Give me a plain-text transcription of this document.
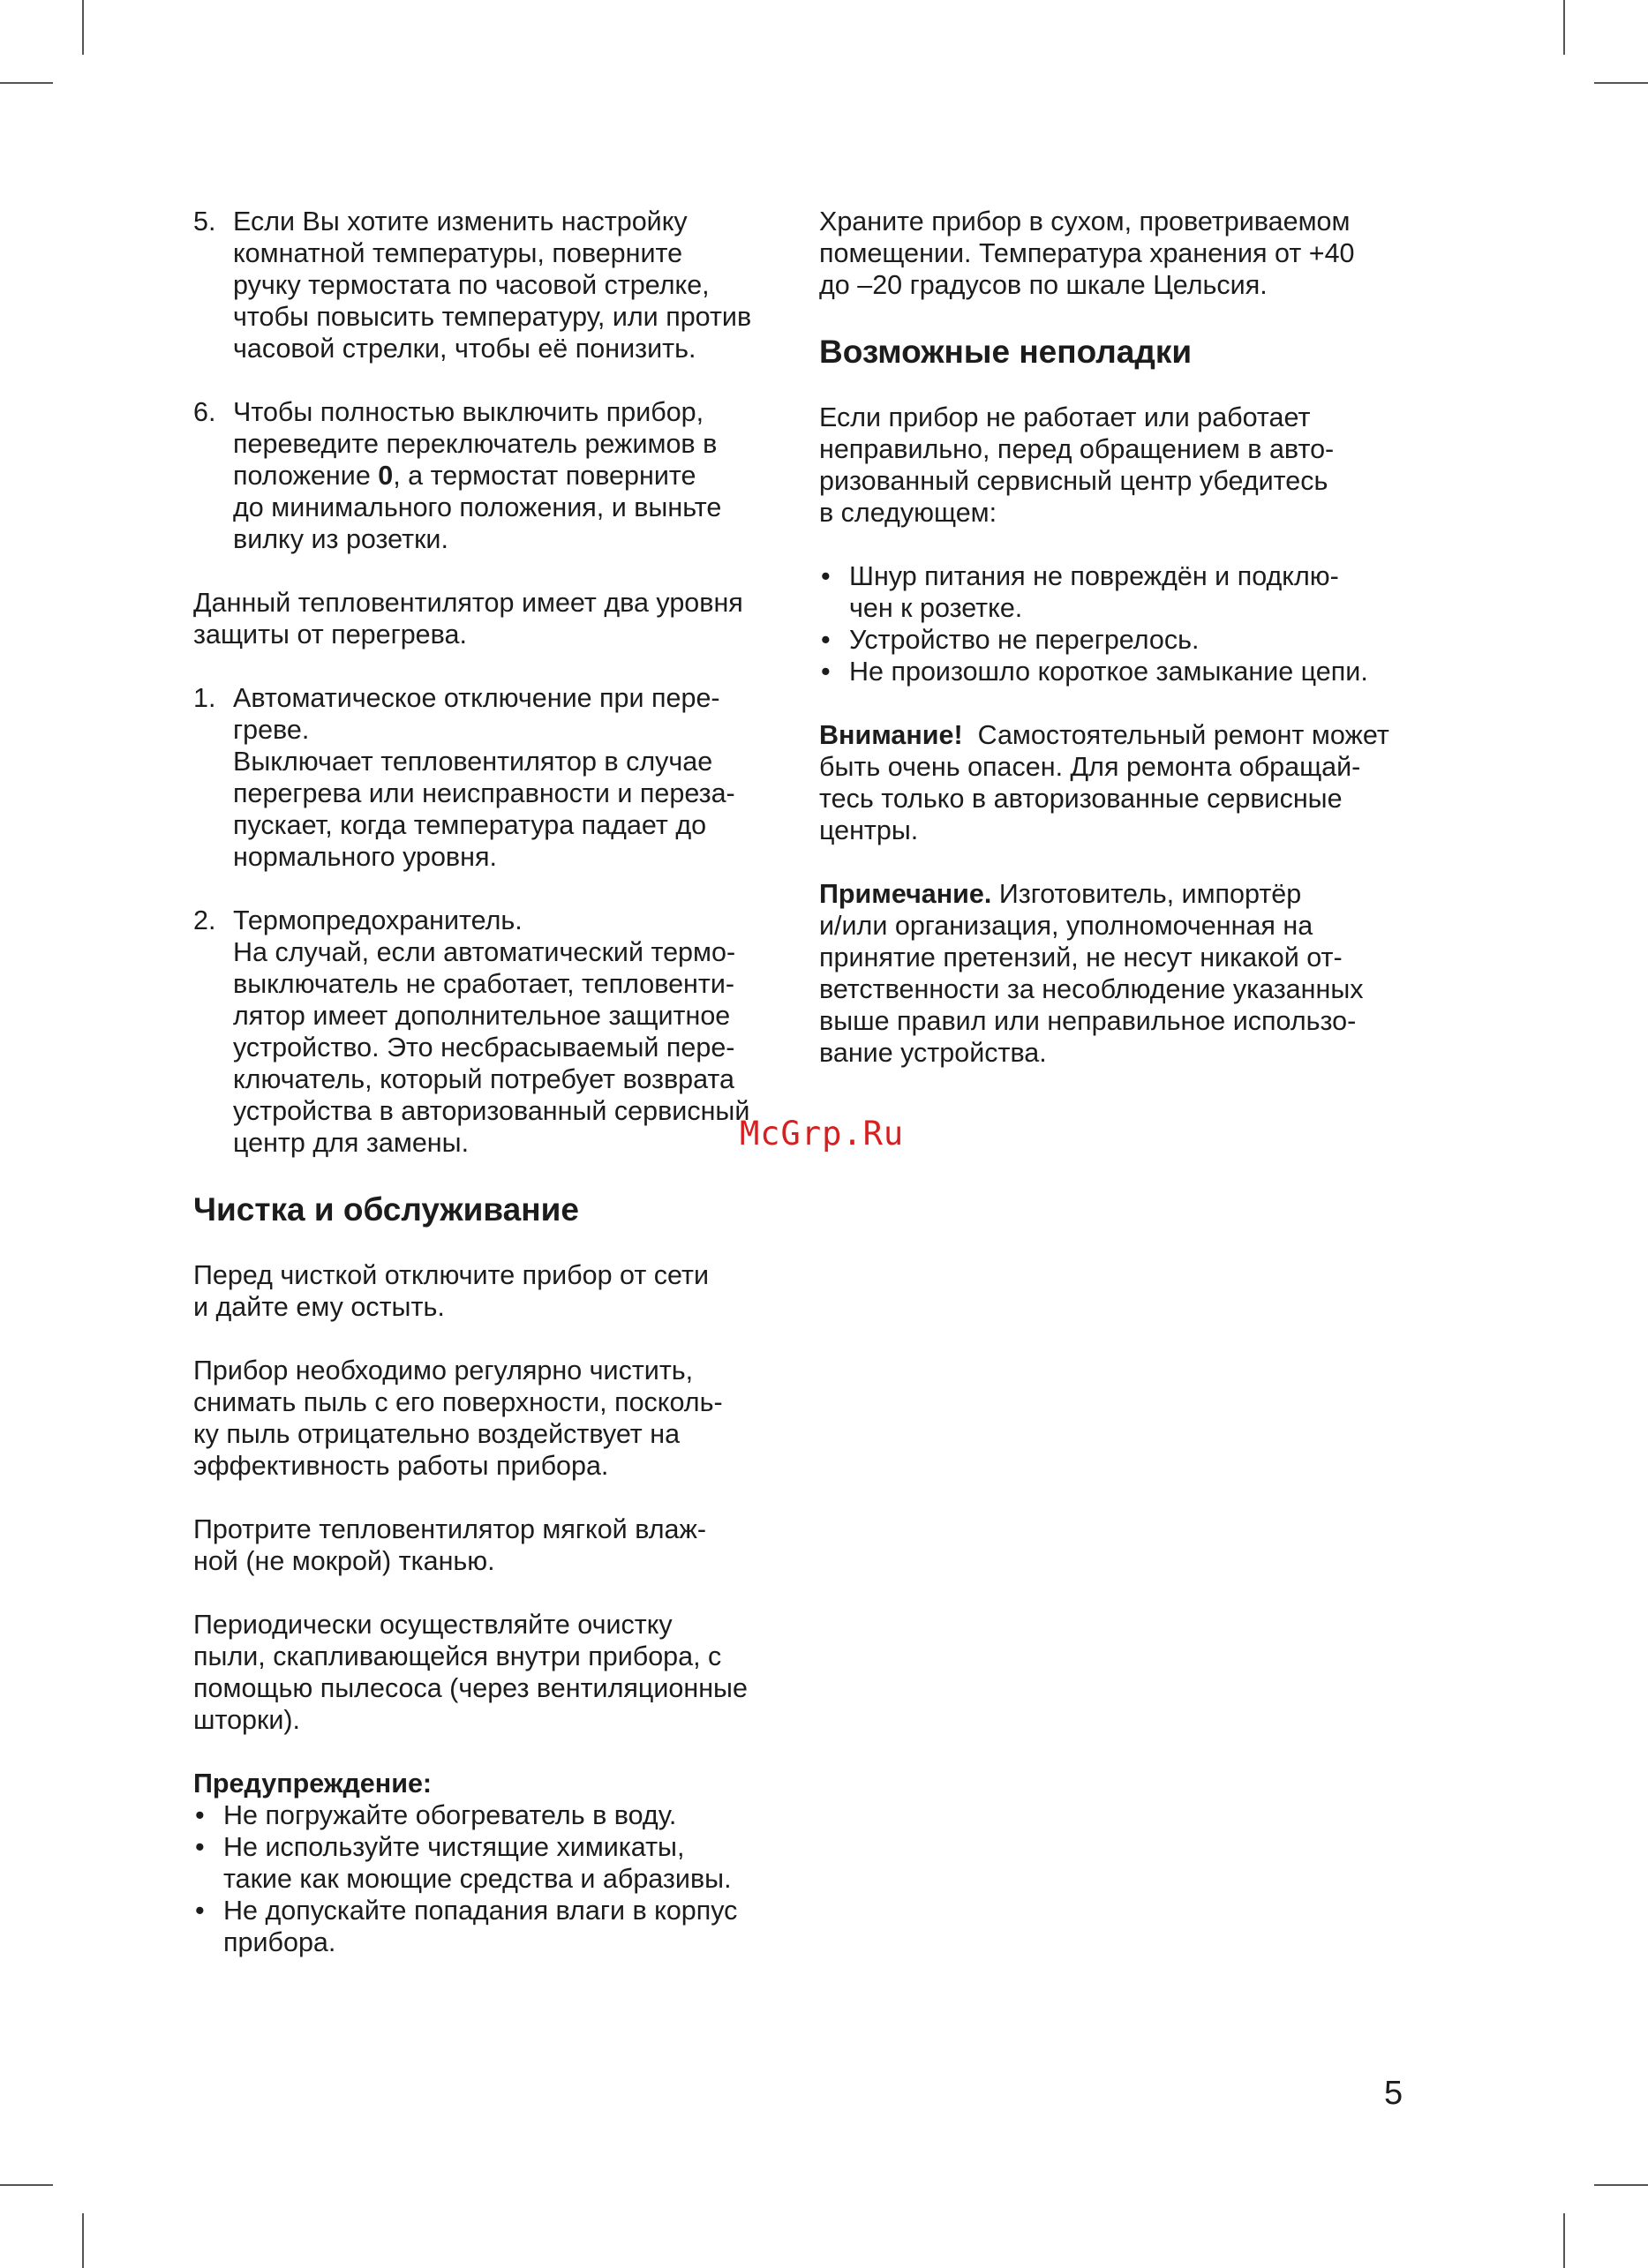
5. Если Вы хотите изменить настройку
комнатной температуры, поверните
ручку термостата по часовой стрелке,
чтобы повысить температуру, или против
часовой стрелки, чтобы её понизить.
6. Чтобы полностью выключить прибор,
переведите переключатель режимов в
положение 0, а термостат поверните
до минимального положения, и выньте
вилку из розетки.

Данный тепловентилятор имеет два уровня
защиты от перегрева.

1. Автоматическое отключение при пере-
греве.
Выключает тепловентилятор в случае
перегрева или неисправности и переза-
пускает, когда температура падает до
нормального уровня.
2. Термопредохранитель.
На случай, если автоматический термо-
выключатель не сработает, тепловенти-
лятор имеет дополнительное защитное
устройство. Это несбрасываемый пере-
ключатель, который потребует возврата
устройства в авторизованный сервисный
центр для замены.
Чистка и обслуживание

Перед чисткой отключите прибор от сети
и дайте ему остыть.

Прибор необходимо регулярно чистить,
снимать пыль с его поверхности, посколь-
ку пыль отрицательно воздействует на
эффективность работы прибора.

Протрите тепловентилятор мягкой влаж-
ной (не мокрой) тканью.

Периодически осуществляйте очистку
пыли, скапливающейся внутри прибора, с
помощью пылесоса (через вентиляционные
шторки).

Предупреждение:

• Не погружайте обогреватель в воду.
• Не используйте чистящие химикаты,
такие как моющие средства и абразивы.
• Не допускайте попадания влаги в корпус
прибора.

Храните прибор в сухом, проветриваемом
помещении. Температура хранения от +40
до –20 градусов по шкале Цельсия.

Возможные неполадки

Если прибор не работает или работает
неправильно, перед обращением в авто-
ризованный сервисный центр убедитесь
в следующем:

• Шнур питания не повреждён и подклю-
чен к розетке.
• Устройство не перегрелось.
• Не произошло короткое замыкание цепи.

Внимание! Самостоятельный ремонт может
быть очень опасен. Для ремонта обращай-
тесь только в авторизованные сервисные
центры.

Примечание. Изготовитель, импортёр
и/или организация, уполномоченная на
принятие претензий, не несут никакой от-
ветственности за несоблюдение указанных
выше правил или неправильное использо-
вание устройства.

McGrp.Ru
5
